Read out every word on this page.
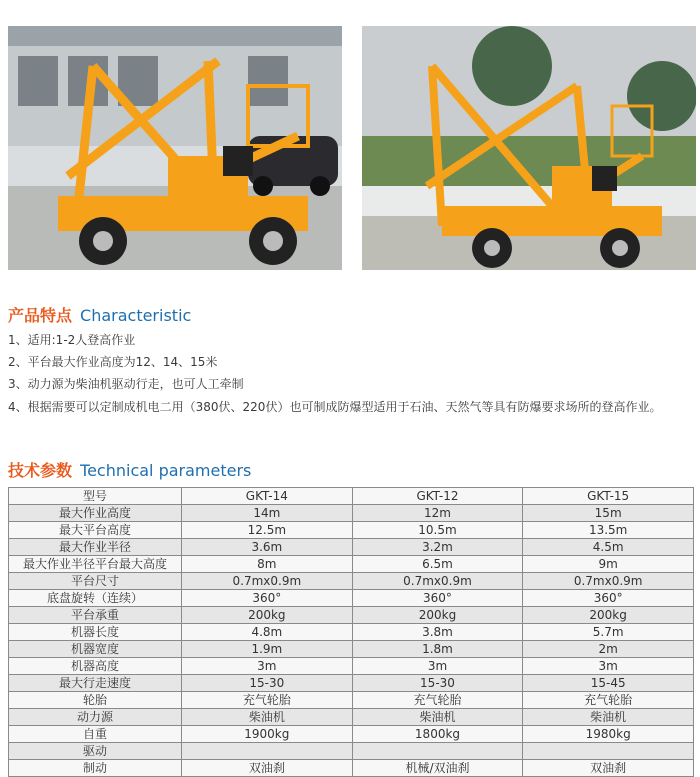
产品特点 Characteristic
1、适用:1-2人登高作业
2、平台最大作业高度为12、14、15米
3、动力源为柴油机驱动行走，也可人工牵制
4、根据需要可以定制成机电二用（380伏、220伏）也可制成防爆型适用于石油、天然气等具有防爆要求场所的登高作业。
技术参数 Technical parameters
型号	GKT-14	GKT-12	GKT-15
最大作业高度	14m	12m	15m
最大平台高度	12.5m	10.5m	13.5m
最大作业半径	3.6m	3.2m	4.5m
最大作业半径平台最大高度	8m	6.5m	9m
平台尺寸	0.7mx0.9m	0.7mx0.9m	0.7mx0.9m
底盘旋转（连续）	360°	360°	360°
平台承重	200kg	200kg	200kg
机器长度	4.8m	3.8m	5.7m
机器宽度	1.9m	1.8m	2m
机器高度	3m	3m	3m
最大行走速度	15-30	15-30	15-45
轮胎	充气轮胎	充气轮胎	充气轮胎
动力源	柴油机	柴油机	柴油机
自重	1900kg	1800kg	1980kg
驱动			
制动	双油刹	机械/双油刹	双油刹
